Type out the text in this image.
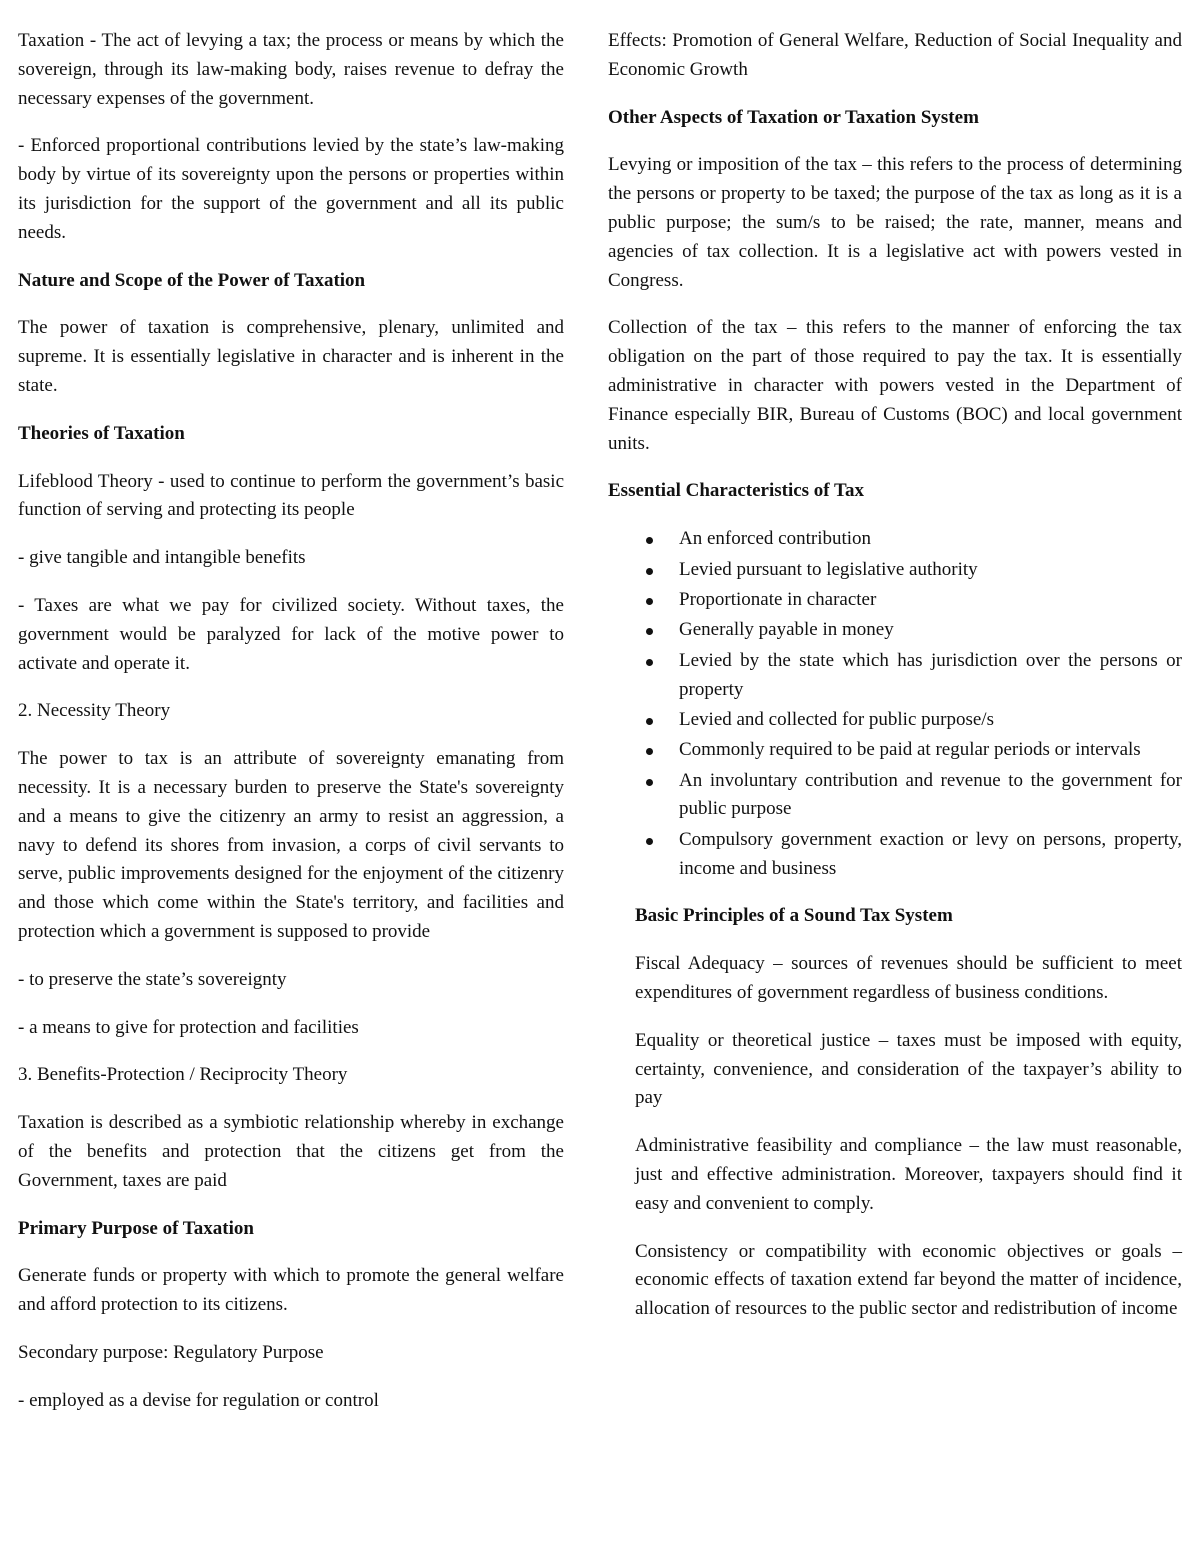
Taxation - The act of levying a tax; the process or means by which the sovereign, through its law-making body, raises revenue to defray the necessary expenses of the government.

- Enforced proportional contributions levied by the state’s law-making body by virtue of its sovereignty upon the persons or properties within its jurisdiction for the support of the government and all its public needs.

Nature and Scope of the Power of Taxation

The power of taxation is comprehensive, plenary, unlimited and supreme. It is essentially legislative in character and is inherent in the state.

Theories of Taxation

Lifeblood Theory - used to continue to perform the government’s basic function of serving and protecting its people

- give tangible and intangible benefits

- Taxes are what we pay for civilized society. Without taxes, the government would be paralyzed for lack of the motive power to activate and operate it.

2. Necessity Theory

The power to tax is an attribute of sovereignty emanating from necessity. It is a necessary burden to preserve the State's sovereignty and a means to give the citizenry an army to resist an aggression, a navy to defend its shores from invasion, a corps of civil servants to serve, public improvements designed for the enjoyment of the citizenry and those which come within the State's territory, and facilities and protection which a government is supposed to provide

- to preserve the state’s sovereignty

- a means to give for protection and facilities

3. Benefits-Protection / Reciprocity Theory

Taxation is described as a symbiotic relationship whereby in exchange of the benefits and protection that the citizens get from the Government, taxes are paid

Primary Purpose of Taxation

Generate funds or property with which to promote the general welfare and afford protection to its citizens.

Secondary purpose: Regulatory Purpose

- employed as a devise for regulation or control

Effects: Promotion of General Welfare, Reduction of Social Inequality and Economic Growth

Other Aspects of Taxation or Taxation System

Levying or imposition of the tax – this refers to the process of determining the persons or property to be taxed; the purpose of the tax as long as it is a public purpose; the sum/s to be raised; the rate, manner, means and agencies of tax collection. It is a legislative act with powers vested in Congress.

Collection of the tax – this refers to the manner of enforcing the tax obligation on the part of those required to pay the tax. It is essentially administrative in character with powers vested in the Department of Finance especially BIR, Bureau of Customs (BOC) and local government units.

Essential Characteristics of Tax
An enforced contribution
Levied pursuant to legislative authority
Proportionate in character
Generally payable in money
Levied by the state which has jurisdiction over the persons or property
Levied and collected for public purpose/s
Commonly required to be paid at regular periods or intervals
An involuntary contribution and revenue to the government for public purpose
Compulsory government exaction or levy on persons, property, income and business
Basic Principles of a Sound Tax System

Fiscal Adequacy – sources of revenues should be sufficient to meet expenditures of government regardless of business conditions.

Equality or theoretical justice – taxes must be imposed with equity, certainty, convenience, and consideration of the taxpayer’s ability to pay

Administrative feasibility and compliance – the law must reasonable, just and effective administration. Moreover, taxpayers should find it easy and convenient to comply.

Consistency or compatibility with economic objectives or goals – economic effects of taxation extend far beyond the matter of incidence, allocation of resources to the public sector and redistribution of income
